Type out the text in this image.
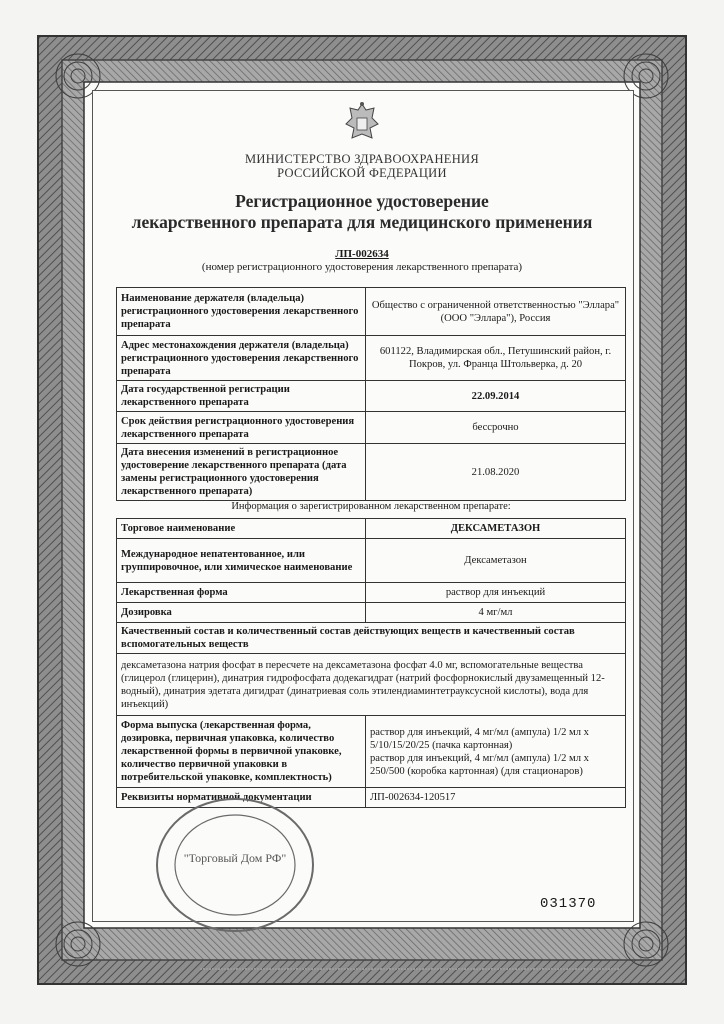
МИНИСТЕРСТВО ЗДРАВООХРАНЕНИЯ
РОССИЙСКОЙ ФЕДЕРАЦИИ
Регистрационное удостоверение
лекарственного препарата для медицинского применения
ЛП-002634
(номер регистрационного удостоверения лекарственного препарата)
Наименование держателя (владельца) регистрационного удостоверения лекарственного препарата	Общество с ограниченной ответственностью "Эллара" (ООО "Эллара"), Россия
Адрес местонахождения держателя (владельца) регистрационного удостоверения лекарственного препарата	601122, Владимирская обл., Петушинский район, г. Покров, ул. Франца Штольверка, д. 20
Дата государственной регистрации лекарственного препарата	22.09.2014
Срок действия регистрационного удостоверения лекарственного препарата	бессрочно
Дата внесения изменений в регистрационное удостоверение лекарственного препарата (дата замены регистрационного удостоверения лекарственного препарата)	21.08.2020
Информация о зарегистрированном лекарственном препарате:
Торговое наименование	ДЕКСАМЕТАЗОН
Международное непатентованное, или группировочное, или химическое наименование	Дексаметазон
Лекарственная форма	раствор для инъекций
Дозировка	4 мг/мл
Качественный состав и количественный состав действующих веществ и качественный состав вспомогательных веществ	
дексаметазона натрия фосфат в пересчете на дексаметазона фосфат 4.0 мг, вспомогательные вещества (глицерол (глицерин), динатрия гидрофосфата додекагидрат (натрий фосфорнокислый двузамещенный 12-водный), динатрия эдетата дигидрат (динатриевая соль этилендиаминтетрауксусной кислоты), вода для инъекций)	
Форма выпуска (лекарственная форма, дозировка, первичная упаковка, количество лекарственной формы в первичной упаковке, количество первичной упаковки в потребительской упаковке, комплектность)	раствор для инъекций, 4 мг/мл (ампула) 1/2 мл х 5/10/15/20/25 (пачка картонная)
раствор для инъекций, 4 мг/мл (ампула) 1/2 мл х 250/500 (коробка картонная) (для стационаров)

Реквизиты нормативной документации	ЛП-002634-120517
"Торговый Дом РФ"
031370
